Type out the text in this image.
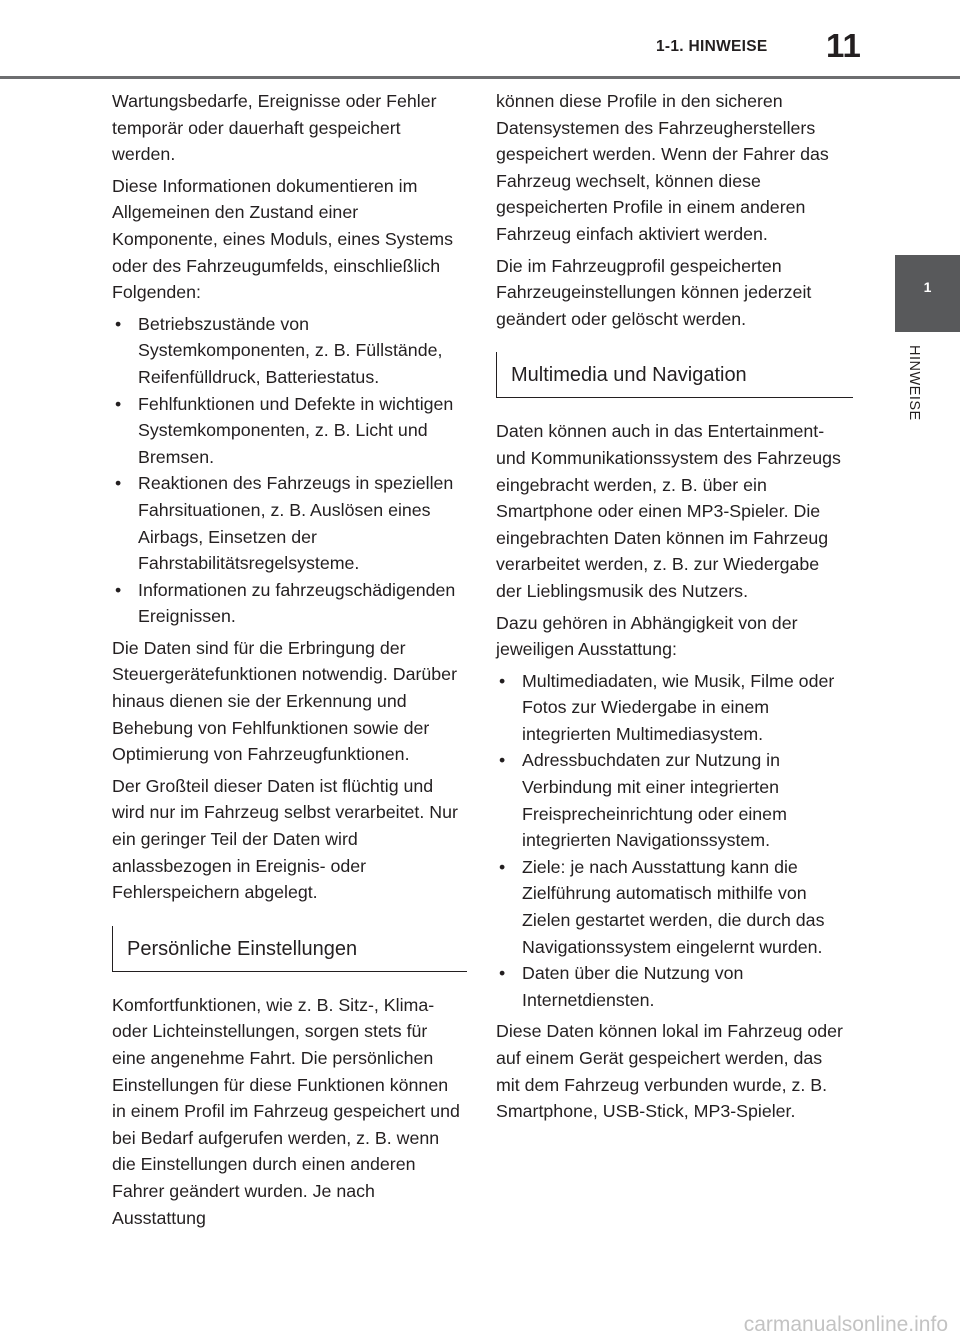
1-1. HINWEISE 11
1
HINWEISE

Wartungsbedarfe, Ereignisse oder Fehler temporär oder dauerhaft gespeichert werden.

Diese Informationen dokumentieren im Allgemeinen den Zustand einer Komponente, eines Moduls, eines Systems oder des Fahrzeugumfelds, einschließlich Folgenden:

• Betriebszustände von Systemkomponenten, z. B. Füllstände, Reifenfülldruck, Batteriestatus.
• Fehlfunktionen und Defekte in wichtigen Systemkomponenten, z. B. Licht und Bremsen.
• Reaktionen des Fahrzeugs in speziellen Fahrsituationen, z. B. Auslösen eines Airbags, Einsetzen der Fahrstabilitätsregelsysteme.
• Informationen zu fahrzeugschädigenden Ereignissen.

Die Daten sind für die Erbringung der Steuergerätefunktionen notwendig. Darüber hinaus dienen sie der Erkennung und Behebung von Fehlfunktionen sowie der Optimierung von Fahrzeugfunktionen.

Der Großteil dieser Daten ist flüchtig und wird nur im Fahrzeug selbst verarbeitet. Nur ein geringer Teil der Daten wird anlassbezogen in Ereignis- oder Fehlerspeichern abgelegt.

Persönliche Einstellungen

Komfortfunktionen, wie z. B. Sitz-, Klima- oder Lichteinstellungen, sorgen stets für eine angenehme Fahrt. Die persönlichen Einstellungen für diese Funktionen können in einem Profil im Fahrzeug gespeichert und bei Bedarf aufgerufen werden, z. B. wenn die Einstellungen durch einen anderen Fahrer geändert wurden. Je nach Ausstattung

können diese Profile in den sicheren Datensystemen des Fahrzeugherstellers gespeichert werden. Wenn der Fahrer das Fahrzeug wechselt, können diese gespeicherten Profile in einem anderen Fahrzeug einfach aktiviert werden.

Die im Fahrzeugprofil gespeicherten Fahrzeugeinstellungen können jederzeit geändert oder gelöscht werden.

Multimedia und Navigation

Daten können auch in das Entertainment- und Kommunikationssystem des Fahrzeugs eingebracht werden, z. B. über ein Smartphone oder einen MP3-Spieler. Die eingebrachten Daten können im Fahrzeug verarbeitet werden, z. B. zur Wiedergabe der Lieblingsmusik des Nutzers.

Dazu gehören in Abhängigkeit von der jeweiligen Ausstattung:

• Multimediadaten, wie Musik, Filme oder Fotos zur Wiedergabe in einem integrierten Multimediasystem.
• Adressbuchdaten zur Nutzung in Verbindung mit einer integrierten Freisprecheinrichtung oder einem integrierten Navigationssystem.
• Ziele: je nach Ausstattung kann die Zielführung automatisch mithilfe von Zielen gestartet werden, die durch das Navigationssystem eingelernt wurden.
• Daten über die Nutzung von Internetdiensten.

Diese Daten können lokal im Fahrzeug oder auf einem Gerät gespeichert werden, das mit dem Fahrzeug verbunden wurde, z. B. Smartphone, USB-Stick, MP3-Spieler.

carmanualsonline.info
